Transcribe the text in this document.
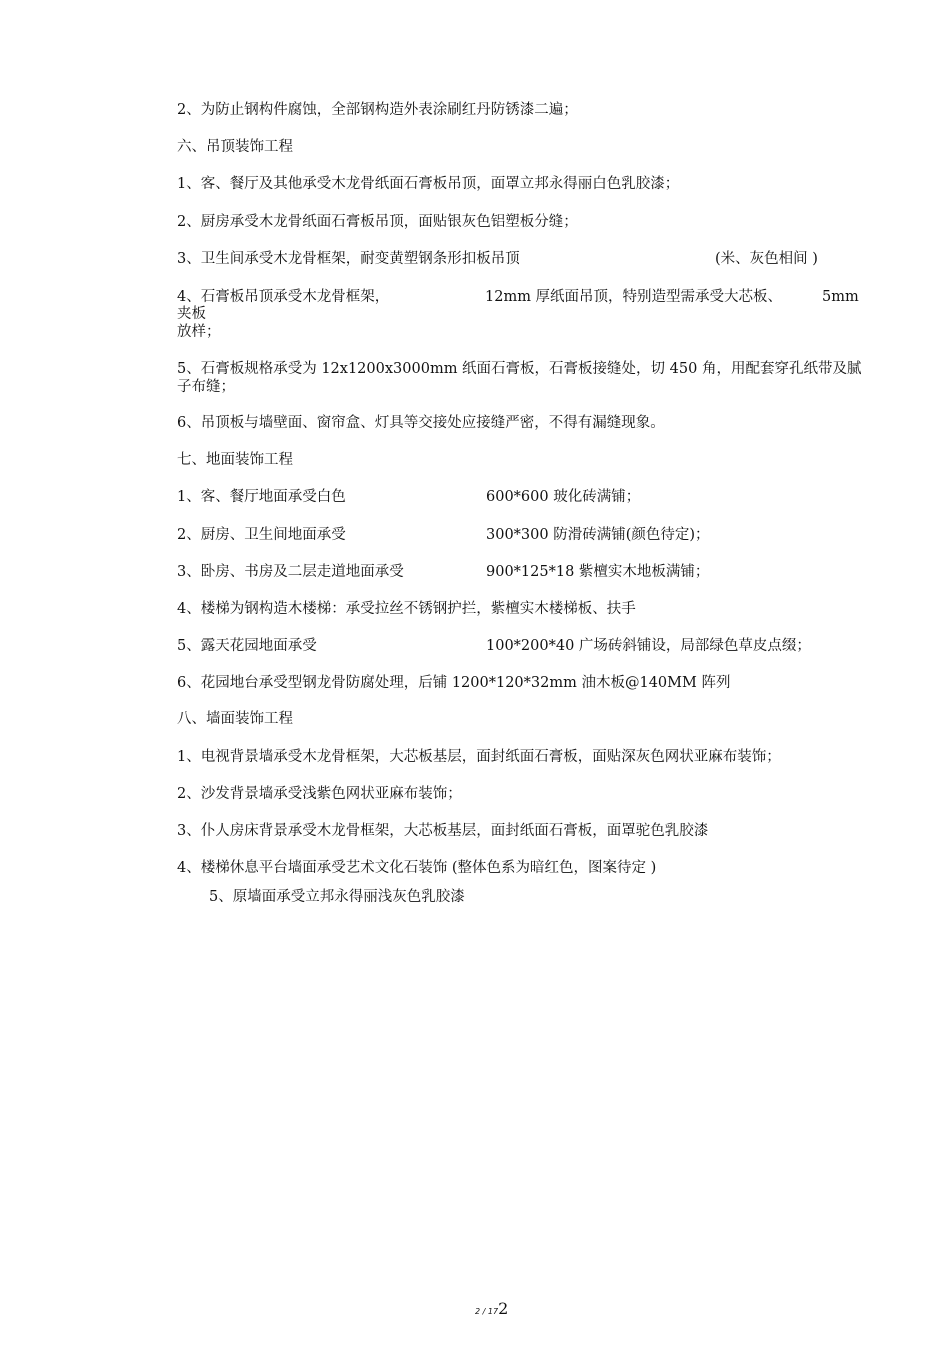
2、为防止钢构件腐蚀，全部钢构造外表涂刷红丹防锈漆二遍；
六、吊顶装饰工程
1、客、餐厅及其他承受木龙骨纸面石膏板吊顶，面罩立邦永得丽白色乳胶漆；
2、厨房承受木龙骨纸面石膏板吊顶，面贴银灰色铝塑板分缝；
3、卫生间承受木龙骨框架，耐变黄塑钢条形扣板吊顶	(米、灰色相间 )
4、石膏板吊顶承受木龙骨框架，	12mm 厚纸面吊顶，特别造型需承受大芯板、	5mm
夹板
放样；
5、石膏板规格承受为 12x1200x3000mm 纸面石膏板，石膏板接缝处，切 450 角，用配套穿孔纸带及腻子布缝；
6、吊顶板与墙壁面、窗帘盒、灯具等交接处应接缝严密，不得有漏缝现象。
七、地面装饰工程
1、客、餐厅地面承受白色	600*600 玻化砖满铺；
2、厨房、卫生间地面承受	300*300 防滑砖满铺(颜色待定)；
3、卧房、书房及二层走道地面承受	900*125*18 紫檀实木地板满铺；
4、楼梯为钢构造木楼梯：承受拉丝不锈钢护拦，紫檀实木楼梯板、扶手
5、露天花园地面承受	100*200*40 广场砖斜铺设，局部绿色草皮点缀；
6、花园地台承受型钢龙骨防腐处理，后铺 1200*120*32mm 油木板@140MM 阵列
八、墙面装饰工程
1、电视背景墙承受木龙骨框架，大芯板基层，面封纸面石膏板，面贴深灰色网状亚麻布装饰；
2、沙发背景墙承受浅紫色网状亚麻布装饰；
3、仆人房床背景承受木龙骨框架，大芯板基层，面封纸面石膏板，面罩驼色乳胶漆
4、楼梯休息平台墙面承受艺术文化石装饰 (整体色系为暗红色，图案待定 )
5、原墙面承受立邦永得丽浅灰色乳胶漆
2 / 172
